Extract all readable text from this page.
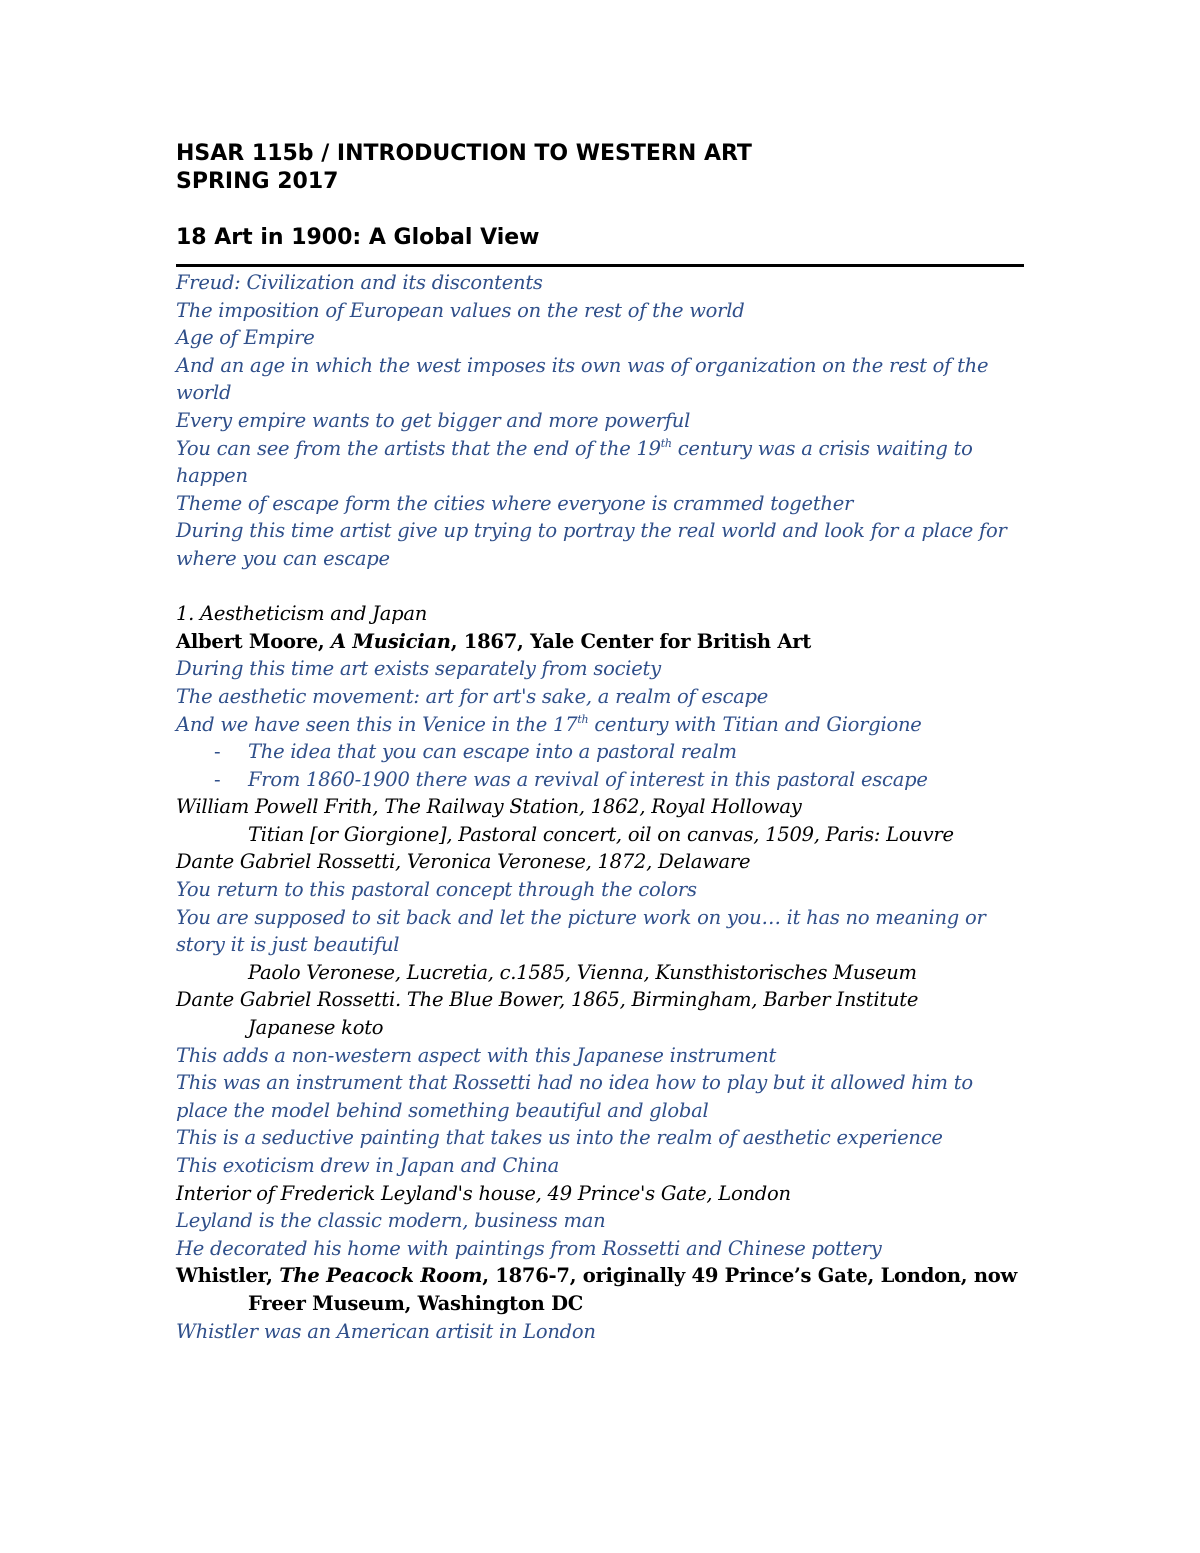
HSAR 115b / INTRODUCTION TO WESTERN ART
SPRING 2017
18 Art in 1900: A Global View
Freud: Civilization and its discontents
The imposition of European values on the rest of the world
Age of Empire
And an age in which the west imposes its own was of organization on the rest of the
world
Every empire wants to get bigger and more powerful
You can see from the artists that the end of the 19th century was a crisis waiting to
happen
Theme of escape form the cities where everyone is crammed together
During this time artist give up trying to portray the real world and look for a place for
where you can escape
1. Aestheticism and Japan
Albert Moore, A Musician, 1867, Yale Center for British Art
During this time art exists separately from society
The aesthetic movement: art for art's sake, a realm of escape
And we have seen this in Venice in the 17th century with Titian and Giorgione
- The idea that you can escape into a pastoral realm
- From 1860-1900 there was a revival of interest in this pastoral escape
William Powell Frith, The Railway Station, 1862, Royal Holloway
Titian [or Giorgione], Pastoral concert, oil on canvas, 1509, Paris: Louvre
Dante Gabriel Rossetti, Veronica Veronese, 1872, Delaware
You return to this pastoral concept through the colors
You are supposed to sit back and let the picture work on you… it has no meaning or
story it is just beautiful
Paolo Veronese, Lucretia, c.1585, Vienna, Kunsthistorisches Museum
Dante Gabriel Rossetti. The Blue Bower, 1865, Birmingham, Barber Institute
Japanese koto
This adds a non-western aspect with this Japanese instrument
This was an instrument that Rossetti had no idea how to play but it allowed him to
place the model behind something beautiful and global
This is a seductive painting that takes us into the realm of aesthetic experience
This exoticism drew in Japan and China
Interior of Frederick Leyland's house, 49 Prince's Gate, London
Leyland is the classic modern, business man
He decorated his home with paintings from Rossetti and Chinese pottery
Whistler, The Peacock Room, 1876-7, originally 49 Prince’s Gate, London, now
Freer Museum, Washington DC
Whistler was an American artisit in London
